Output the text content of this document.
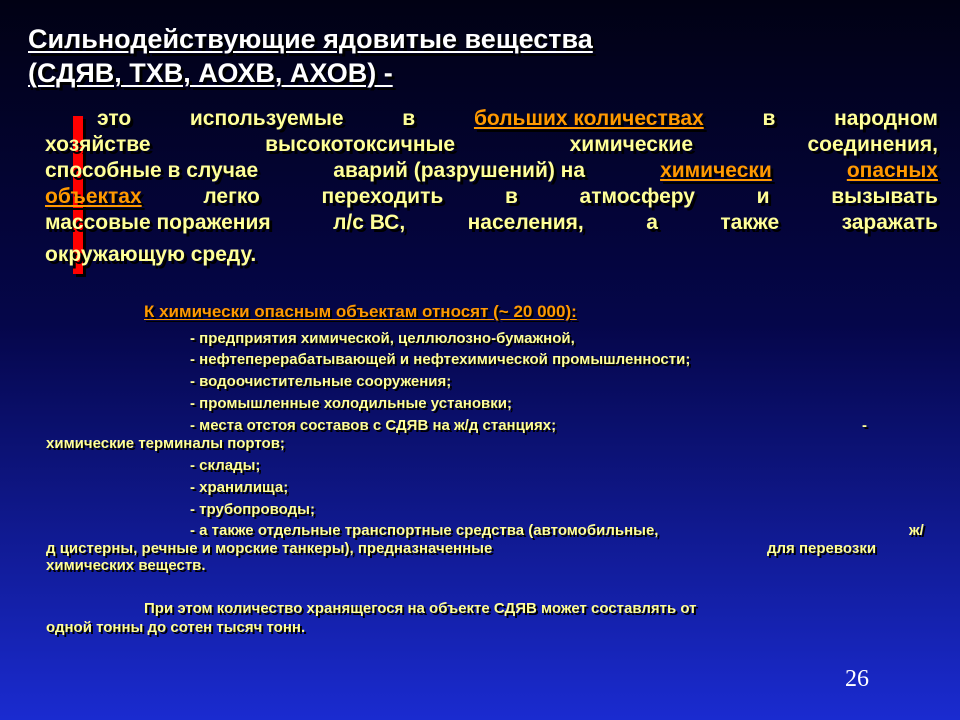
Сильнодействующие ядовитые вещества
(СДЯВ, ТХВ, АОХВ, АХОВ) -
это	используемые	в	больших количествах	в	народном
хозяйстве	высокотоксичные	химические	соединения,
способные в случае	аварий (разрушений) на	химически	опасных
объектах	легко	переходить	в	атмосферу	и	вызывать
массовые поражения	л/с ВС,	населения,	а	также	заражать
окружающую среду.
К химически опасным объектам относят (~ 20 000):
- предприятия химической, целлюлозно-бумажной,
- нефтеперерабатывающей и нефтехимической промышленности;
- водоочистительные сооружения;
- промышленные холодильные установки;
- места отстоя составов с СДЯВ на ж/д станциях;	-
химические терминалы портов;
- склады;
- хранилища;
- трубопроводы;
- а также отдельные транспортные средства (автомобильные,	ж/
д цистерны, речные и морские танкеры), предназначенные	для перевозки
химических веществ.
При этом количество хранящегося на объекте СДЯВ может составлять от
одной тонны до сотен тысяч тонн.
26
